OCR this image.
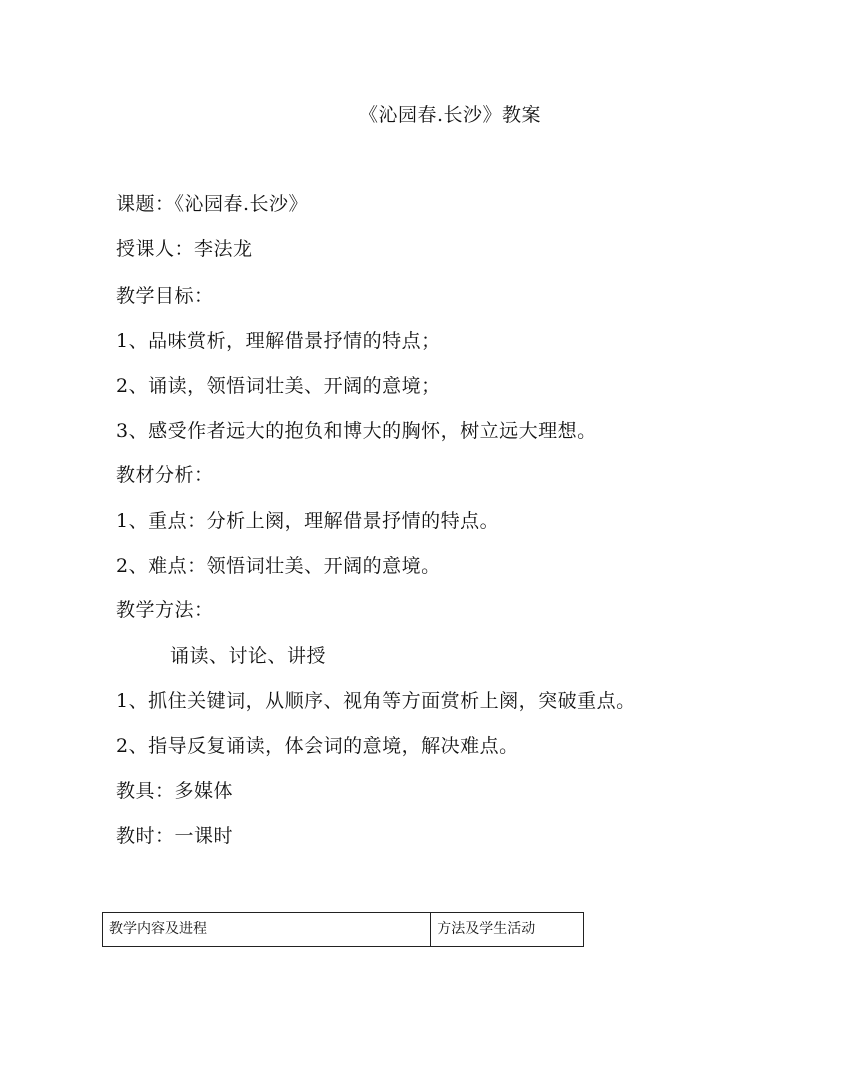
《沁园春.长沙》教案
课题：《沁园春.长沙》
授课人：李法龙
教学目标：
1、品味赏析，理解借景抒情的特点；
2、诵读，领悟词壮美、开阔的意境；
3、感受作者远大的抱负和博大的胸怀，树立远大理想。
教材分析：
1、重点：分析上阕，理解借景抒情的特点。
2、难点：领悟词壮美、开阔的意境。
教学方法：
诵读、讨论、讲授
1、抓住关键词，从顺序、视角等方面赏析上阕，突破重点。
2、指导反复诵读，体会词的意境，解决难点。
教具：多媒体
教时：一课时
教学内容及进程	方法及学生活动
